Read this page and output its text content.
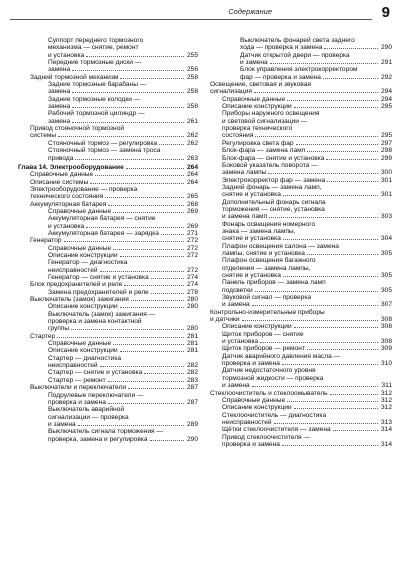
Содержание	9
Суппорт переднего тормозного
механизма — снятие, ремонт
и установка	255
Передние тормозные диски —
замена	256
Задний тормозной механизм	258
Задние тормозные барабаны —
замена	258
Задние тормозные колодки —
замена	258
Рабочий тормозной цилиндр —
замена	261
Привод стояночной тормозной
системы	262
Стояночный тормоз — регулировка	262
Стояночный тормоз — замена троса
привода	263
Глава 14. Электрооборудование	264
Справочные данные	264
Описание системы	264
Электрооборудование — проверка
технического состояния	265
Аккумуляторная батарея	268
Справочные данные	269
Аккумуляторная батарея — снятие
и установка	269
Аккумуляторная батарея — зарядка	271
Генератор	272
Справочные данные	272
Описание конструкции	272
Генератор — диагностика
неисправностей	272
Генератор — снятие и установка	274
Блок предохранителей и реле	274
Замена предохранителей и реле	278
Выключатель (замок) зажигания	280
Описание конструкции	280
Выключатель (замок) зажигания —
проверка и замена контактной
группы	280
Стартер	281
Справочные данные	281
Описание конструкции	281
Стартер — диагностика
неисправностей	282
Стартер — снятие и установка	282
Стартер — ремонт	283
Выключатели и переключатели	287
Подрулевые переключатели —
проверка и замена	287
Выключатель аварийной
сигнализации — проверка
и замена	289
Выключатель сигнала торможения —
проверка, замена и регулировка	290
Выключатель фонарей света заднего
хода — проверка и замена	290
Датчик открытой двери — проверка
и замена	291
Блок управления электрокорректором
фар — проверка и замена	292
Освещение, световая и звуковая
сигнализация	294
Справочные данные	294
Описание конструкции	295
Приборы наружного освещения
и световой сигнализации —
проверка технического
состояния	295
Регулировка света фар	297
Блок-фара — замена ламп	298
Блок-фара — снятие и установка	299
Боковой указатель поворота —
замена лампы	300
Электрокорректор фар — замена	301
Задний фонарь — замена ламп,
снятие и установка	301
Дополнительный фонарь сигнала
торможения — снятие, установка
и замена ламп	303
Фонарь освещения номерного
знака — замена лампы,
снятие и установка	304
Плафон освещения салона — замена
лампы, снятие и установка	305
Плафон освещения багажного
отделения — замена лампы,
снятие и установка	305
Панель приборов — замена ламп
подсветки	305
Звуковой сигнал — проверка
и замена	307
Контрольно-измерительные приборы
и датчики	308
Описание конструкции	308
Щиток приборов — снятие
и установка	308
Щиток приборов — ремонт	309
Датчик аварийного давления масла —
проверка и замена	310
Датчик недостаточного уровня
тормозной жидкости — проверка
и замена	311
Стеклоочиститель и стеклоомыватель	312
Справочные данные	312
Описание конструкции	312
Стеклоочиститель — диагностика
неисправностей	313
Щётки стеклоочистителя — замена	314
Привод стеклоочистителя —
проверка и замена	314
